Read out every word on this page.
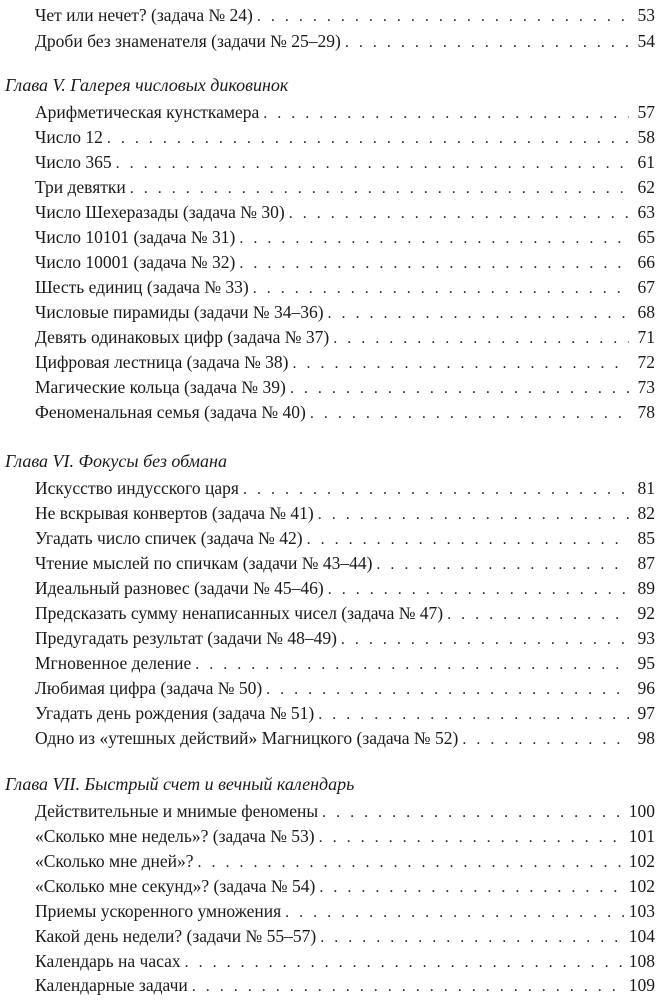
Чет или нечет? (задача № 24) . . .	53
Дроби без знаменателя (задачи № 25–29) . . .	54
Глава V. Галерея числовых диковинок
Арифметическая кунсткамера . . .	57
Число 12 . . .	58
Число 365 . . .	61
Три девятки . . .	62
Число Шехеразады (задача № 30) . . .	63
Число 10101 (задача № 31) . . .	65
Число 10001 (задача № 32) . . .	66
Шесть единиц (задача № 33) . . .	67
Числовые пирамиды (задачи № 34–36) . . .	68
Девять одинаковых цифр (задача № 37) . . .	71
Цифровая лестница (задача № 38) . . .	72
Магические кольца (задача № 39) . . .	73
Феноменальная семья (задача № 40) . . .	78
Глава VI. Фокусы без обмана
Искусство индусского царя . . .	81
Не вскрывая конвертов (задача № 41) . . .	82
Угадать число спичек (задача № 42) . . .	85
Чтение мыслей по спичкам (задачи № 43–44) . . .	87
Идеальный разновес (задачи № 45–46) . . .	89
Предсказать сумму ненаписанных чисел (задача № 47) . . .	92
Предугадать результат (задачи № 48–49) . . .	93
Мгновенное деление . . .	95
Любимая цифра (задача № 50) . . .	96
Угадать день рождения (задача № 51) . . .	97
Одно из «утешных действий» Магницкого (задача № 52) . . .	98
Глава VII. Быстрый счет и вечный календарь
Действительные и мнимые феномены . . .	100
«Сколько мне недель»? (задача № 53) . . .	101
«Сколько мне дней»? . . .	102
«Сколько мне секунд»? (задача № 54) . . .	102
Приемы ускоренного умножения . . .	103
Какой день недели? (задачи № 55–57) . . .	104
Календарь на часах . . .	108
Календарные задачи . . .	109
